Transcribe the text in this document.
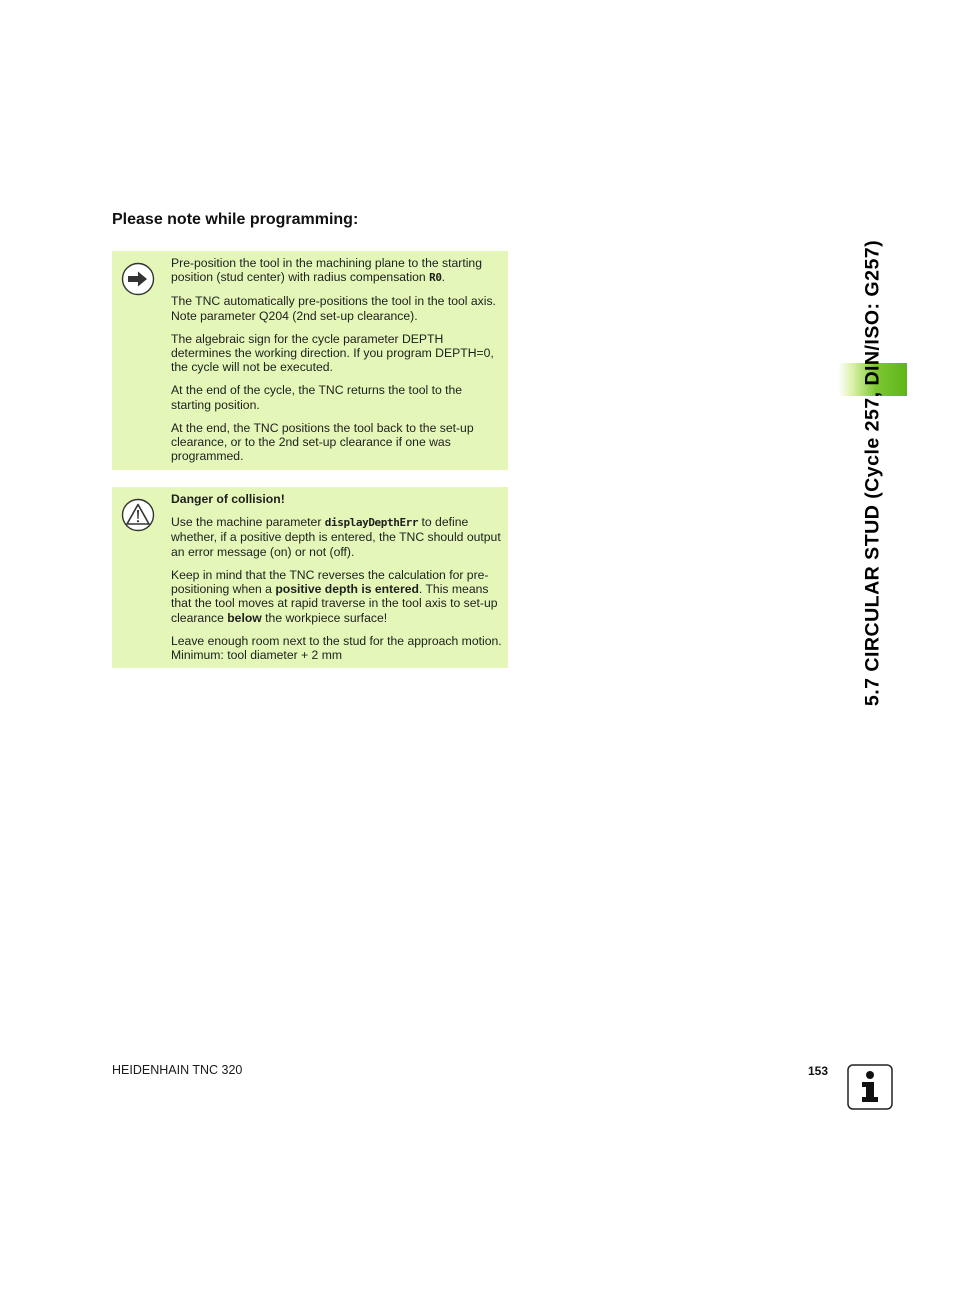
Please note while programming:

Pre-position the tool in the machining plane to the starting position (stud center) with radius compensation R0.

The TNC automatically pre-positions the tool in the tool axis. Note parameter Q204 (2nd set-up clearance).

The algebraic sign for the cycle parameter DEPTH determines the working direction. If you program DEPTH=0, the cycle will not be executed.

At the end of the cycle, the TNC returns the tool to the starting position.

At the end, the TNC positions the tool back to the set-up clearance, or to the 2nd set-up clearance if one was programmed.

Danger of collision!

Use the machine parameter displayDepthErr to define whether, if a positive depth is entered, the TNC should output an error message (on) or not (off).

Keep in mind that the TNC reverses the calculation for pre-positioning when a positive depth is entered. This means that the tool moves at rapid traverse in the tool axis to set-up clearance below the workpiece surface!

Leave enough room next to the stud for the approach motion. Minimum: tool diameter + 2 mm	5.7 CIRCULAR STUD (Cycle 257, DIN/ISO: G257)
HEIDENHAIN TNC 320	153
